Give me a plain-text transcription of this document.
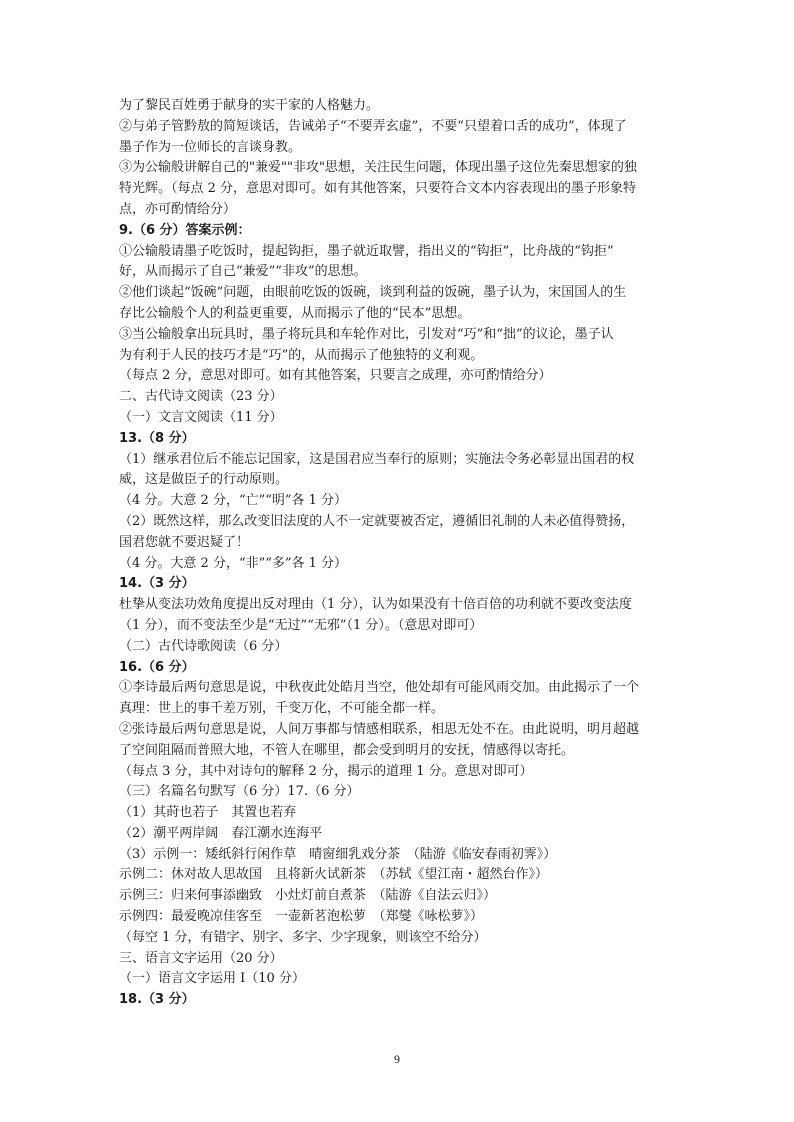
为了黎民百姓勇于献身的实干家的人格魅力。
②与弟子管黔敖的简短谈话，告诫弟子“不要弄玄虚”，不要“只望着口舌的成功”，体现了
墨子作为一位师长的言谈身教。
③为公输般讲解自己的"兼爱""非攻"思想，关注民生问题，体现出墨子这位先秦思想家的独
特光辉。（每点 2 分，意思对即可。如有其他答案，只要符合文本内容表现出的墨子形象特
点，亦可酌情给分）
9.（6 分）答案示例：
①公输般请墨子吃饭时，提起钩拒，墨子就近取譬，指出义的“钩拒”，比舟战的“钩拒”
好，从而揭示了自己“兼爱”“非攻”的思想。
②他们谈起“饭碗”问题，由眼前吃饭的饭碗，谈到利益的饭碗，墨子认为，宋国国人的生
存比公输般个人的利益更重要，从而揭示了他的“民本”思想。
③当公输般拿出玩具时，墨子将玩具和车轮作对比，引发对“巧”和“拙”的议论，墨子认
为有利于人民的技巧才是“巧”的，从而揭示了他独特的义利观。
（每点 2 分，意思对即可。如有其他答案，只要言之成理，亦可酌情给分）
二、古代诗文阅读（23 分）
（一）文言文阅读（11 分）
13.（8 分）
（1）继承君位后不能忘记国家，这是国君应当奉行的原则；实施法令务必彰显出国君的权
威，这是做臣子的行动原则。
（4 分。大意 2 分，“亡”“明”各 1 分）
（2）既然这样，那么改变旧法度的人不一定就要被否定，遵循旧礼制的人未必值得赞扬，
国君您就不要迟疑了！
（4 分。大意 2 分，“非”“多”各 1 分）
14.（3 分）
杜挚从变法功效角度提出反对理由（1 分），认为如果没有十倍百倍的功利就不要改变法度
（1 分），而不变法至少是“无过”“无邪”（1 分）。（意思对即可）
（二）古代诗歌阅读（6 分）
16.（6 分）
①李诗最后两句意思是说，中秋夜此处皓月当空，他处却有可能风雨交加。由此揭示了一个
真理：世上的事千差万别，千变万化，不可能全都一样。
②张诗最后两句意思是说，人间万事都与情感相联系，相思无处不在。由此说明，明月超越
了空间阻隔而普照大地，不管人在哪里，都会受到明月的安抚，情感得以寄托。
（每点 3 分，其中对诗句的解释 2 分，揭示的道理 1 分。意思对即可）
（三）名篇名句默写（6 分）17.（6 分）
（1）其莳也若子　其置也若弃
（2）潮平两岸阔　春江潮水连海平
（3）示例一：矮纸斜行闲作草　晴窗细乳戏分茶　（陆游《临安春雨初霁》）
示例二：休对故人思故国　且将新火试新茶　（苏轼《望江南・超然台作》）
示例三：归来何事添幽致　小灶灯前自煮茶　（陆游《自法云归》）
示例四：最爱晚凉佳客至　一壶新茗泡松萝　（郑燮《咏松萝》）
（每空 1 分，有错字、别字、多字、少字现象，则该空不给分）
三、语言文字运用（20 分）
（一）语言文字运用 I（10 分）
18.（3 分）
9
